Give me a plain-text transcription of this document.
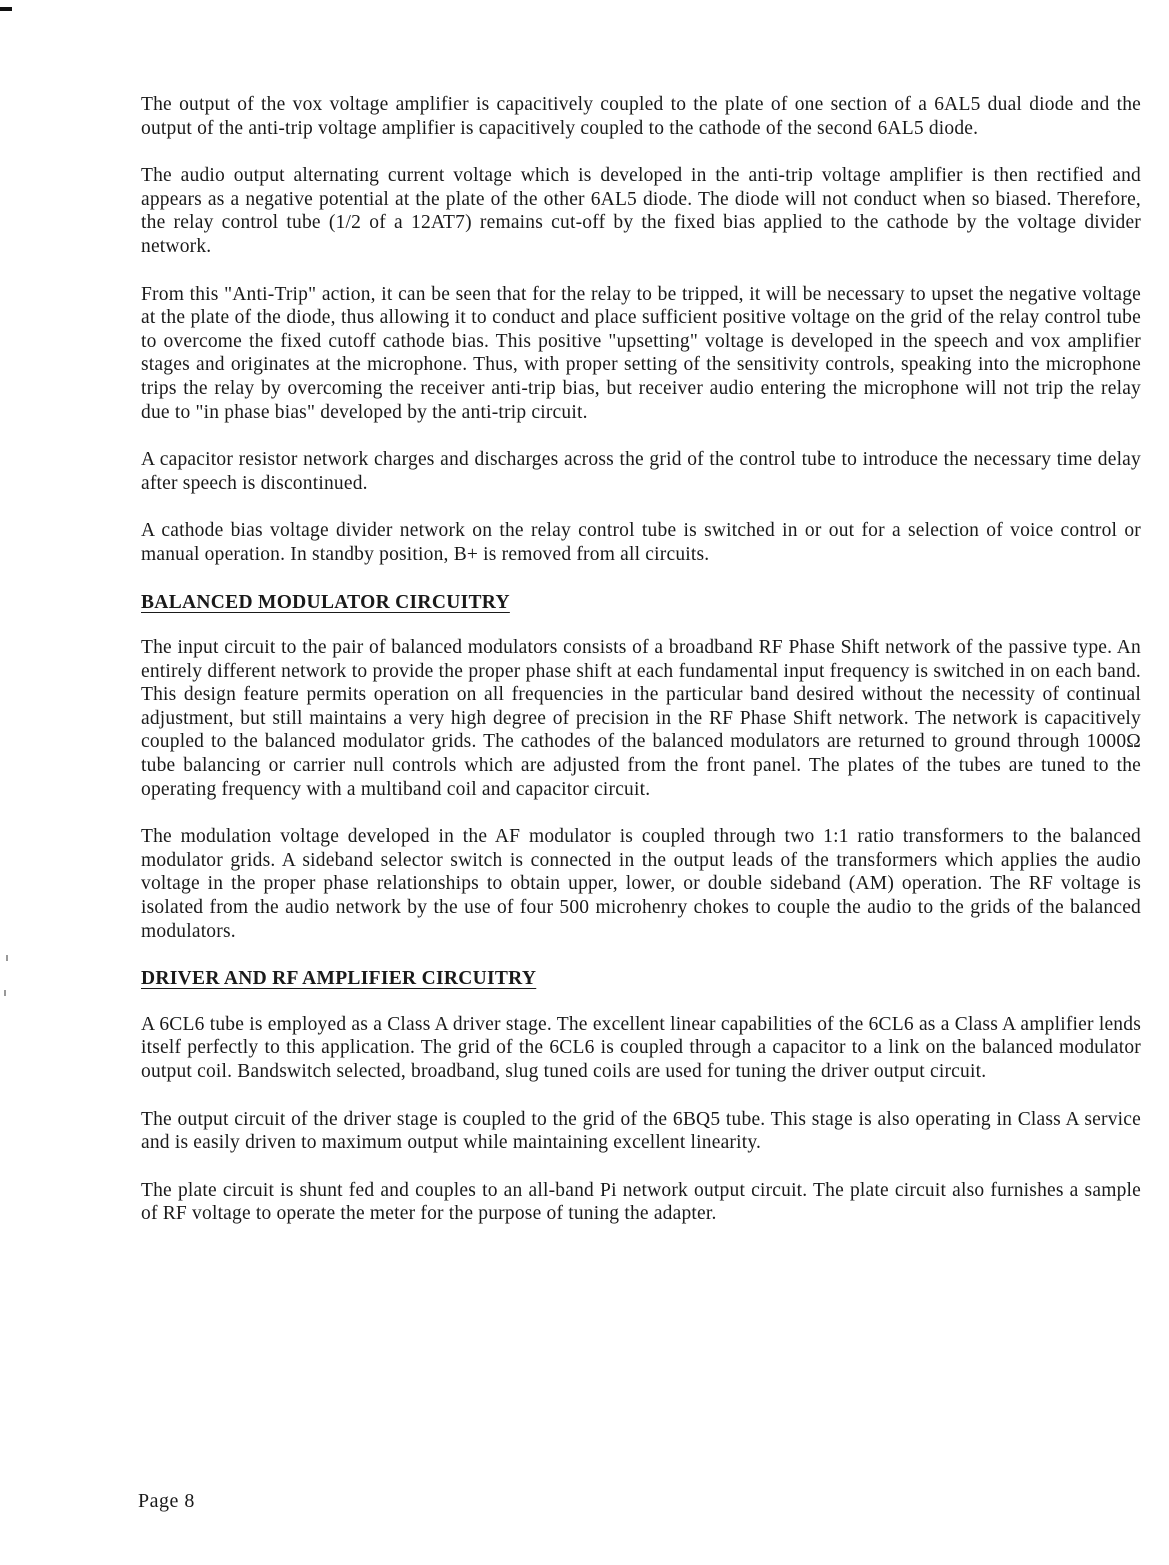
The output of the vox voltage amplifier is capacitively coupled to the plate of one section of a 6AL5 dual diode and the output of the anti-trip voltage amplifier is capacitively coupled to the cathode of the second 6AL5 diode.

The audio output alternating current voltage which is developed in the anti-trip voltage amplifier is then rectified and appears as a negative potential at the plate of the other 6AL5 diode. The diode will not conduct when so biased. Therefore, the relay control tube (1/2 of a 12AT7) remains cut-off by the fixed bias applied to the cathode by the voltage divider network.

From this "Anti-Trip" action, it can be seen that for the relay to be tripped, it will be necessary to upset the negative voltage at the plate of the diode, thus allowing it to conduct and place sufficient positive voltage on the grid of the relay control tube to overcome the fixed cutoff cathode bias. This positive "upsetting" voltage is developed in the speech and vox amplifier stages and originates at the microphone. Thus, with proper setting of the sensitivity controls, speaking into the microphone trips the relay by overcoming the receiver anti-trip bias, but receiver audio entering the microphone will not trip the relay due to "in phase bias" developed by the anti-trip circuit.

A capacitor resistor network charges and discharges across the grid of the control tube to introduce the necessary time delay after speech is discontinued.

A cathode bias voltage divider network on the relay control tube is switched in or out for a selection of voice control or manual operation. In standby position, B+ is removed from all circuits.

BALANCED MODULATOR CIRCUITRY

The input circuit to the pair of balanced modulators consists of a broadband RF Phase Shift network of the passive type. An entirely different network to provide the proper phase shift at each fundamental input frequency is switched in on each band. This design feature permits operation on all frequencies in the particular band desired without the necessity of continual adjustment, but still maintains a very high degree of precision in the RF Phase Shift network. The network is capacitively coupled to the balanced modulator grids. The cathodes of the balanced modulators are returned to ground through 1000Ω tube balancing or carrier null controls which are adjusted from the front panel. The plates of the tubes are tuned to the operating frequency with a multiband coil and capacitor circuit.

The modulation voltage developed in the AF modulator is coupled through two 1:1 ratio transformers to the balanced modulator grids. A sideband selector switch is connected in the output leads of the transformers which applies the audio voltage in the proper phase relationships to obtain upper, lower, or double sideband (AM) operation. The RF voltage is isolated from the audio network by the use of four 500 microhenry chokes to couple the audio to the grids of the balanced modulators.

DRIVER AND RF AMPLIFIER CIRCUITRY

A 6CL6 tube is employed as a Class A driver stage. The excellent linear capabilities of the 6CL6 as a Class A amplifier lends itself perfectly to this application. The grid of the 6CL6 is coupled through a capacitor to a link on the balanced modulator output coil. Bandswitch selected, broadband, slug tuned coils are used for tuning the driver output circuit.

The output circuit of the driver stage is coupled to the grid of the 6BQ5 tube. This stage is also operating in Class A service and is easily driven to maximum output while maintaining excellent linearity.

The plate circuit is shunt fed and couples to an all-band Pi network output circuit. The plate circuit also furnishes a sample of RF voltage to operate the meter for the purpose of tuning the adapter.

Page 8
